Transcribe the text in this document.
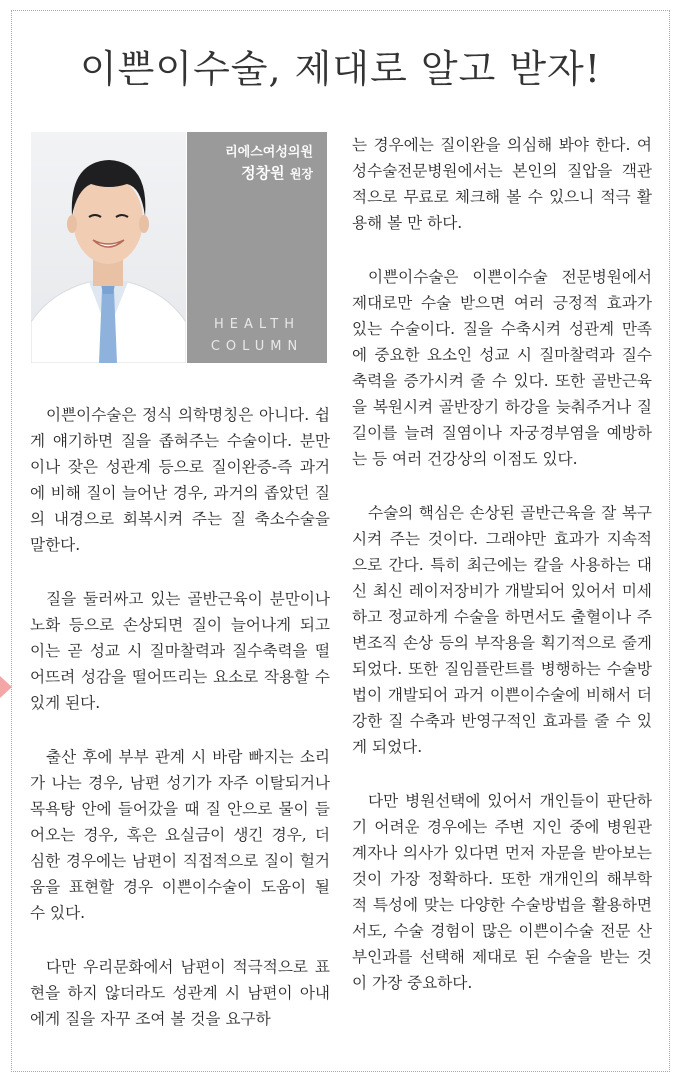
이쁜이수술, 제대로 알고 받자!
리에스여성의원
정창원 원장
HEALTH
COLUMN

이쁜이수술은 정식 의학명칭은 아니다. 쉽게 얘기하면 질을 좁혀주는 수술이다. 분만이나 잦은 성관계 등으로 질이완증-즉 과거에 비해 질이 늘어난 경우, 과거의 좁았던 질의 내경으로 회복시켜 주는 질 축소수술을 말한다.

질을 둘러싸고 있는 골반근육이 분만이나 노화 등으로 손상되면 질이 늘어나게 되고 이는 곧 성교 시 질마찰력과 질수축력을 떨어뜨려 성감을 떨어뜨리는 요소로 작용할 수 있게 된다.

출산 후에 부부 관계 시 바람 빠지는 소리가 나는 경우, 남편 성기가 자주 이탈되거나 목욕탕 안에 들어갔을 때 질 안으로 물이 들어오는 경우, 혹은 요실금이 생긴 경우, 더 심한 경우에는 남편이 직접적으로 질이 헐거움을 표현할 경우 이쁜이수술이 도움이 될 수 있다.

다만 우리문화에서 남편이 적극적으로 표현을 하지 않더라도 성관계 시 남편이 아내에게 질을 자꾸 조여 볼 것을 요구하

는 경우에는 질이완을 의심해 봐야 한다. 여성수술전문병원에서는 본인의 질압을 객관적으로 무료로 체크해 볼 수 있으니 적극 활용해 볼 만 하다.

이쁜이수술은 이쁜이수술 전문병원에서 제대로만 수술 받으면 여러 긍정적 효과가 있는 수술이다. 질을 수축시켜 성관계 만족에 중요한 요소인 성교 시 질마찰력과 질수축력을 증가시켜 줄 수 있다. 또한 골반근육을 복원시켜 골반장기 하강을 늦춰주거나 질 길이를 늘려 질염이나 자궁경부염을 예방하는 등 여러 건강상의 이점도 있다.

수술의 핵심은 손상된 골반근육을 잘 복구시켜 주는 것이다. 그래야만 효과가 지속적으로 간다. 특히 최근에는 칼을 사용하는 대신 최신 레이저장비가 개발되어 있어서 미세하고 정교하게 수술을 하면서도 출혈이나 주변조직 손상 등의 부작용을 획기적으로 줄게 되었다. 또한 질임플란트를 병행하는 수술방법이 개발되어 과거 이쁜이수술에 비해서 더 강한 질 수축과 반영구적인 효과를 줄 수 있게 되었다.

다만 병원선택에 있어서 개인들이 판단하기 어려운 경우에는 주변 지인 중에 병원관계자나 의사가 있다면 먼저 자문을 받아보는 것이 가장 정확하다. 또한 개개인의 해부학적 특성에 맞는 다양한 수술방법을 활용하면서도, 수술 경험이 많은 이쁜이수술 전문 산부인과를 선택해 제대로 된 수술을 받는 것이 가장 중요하다.
